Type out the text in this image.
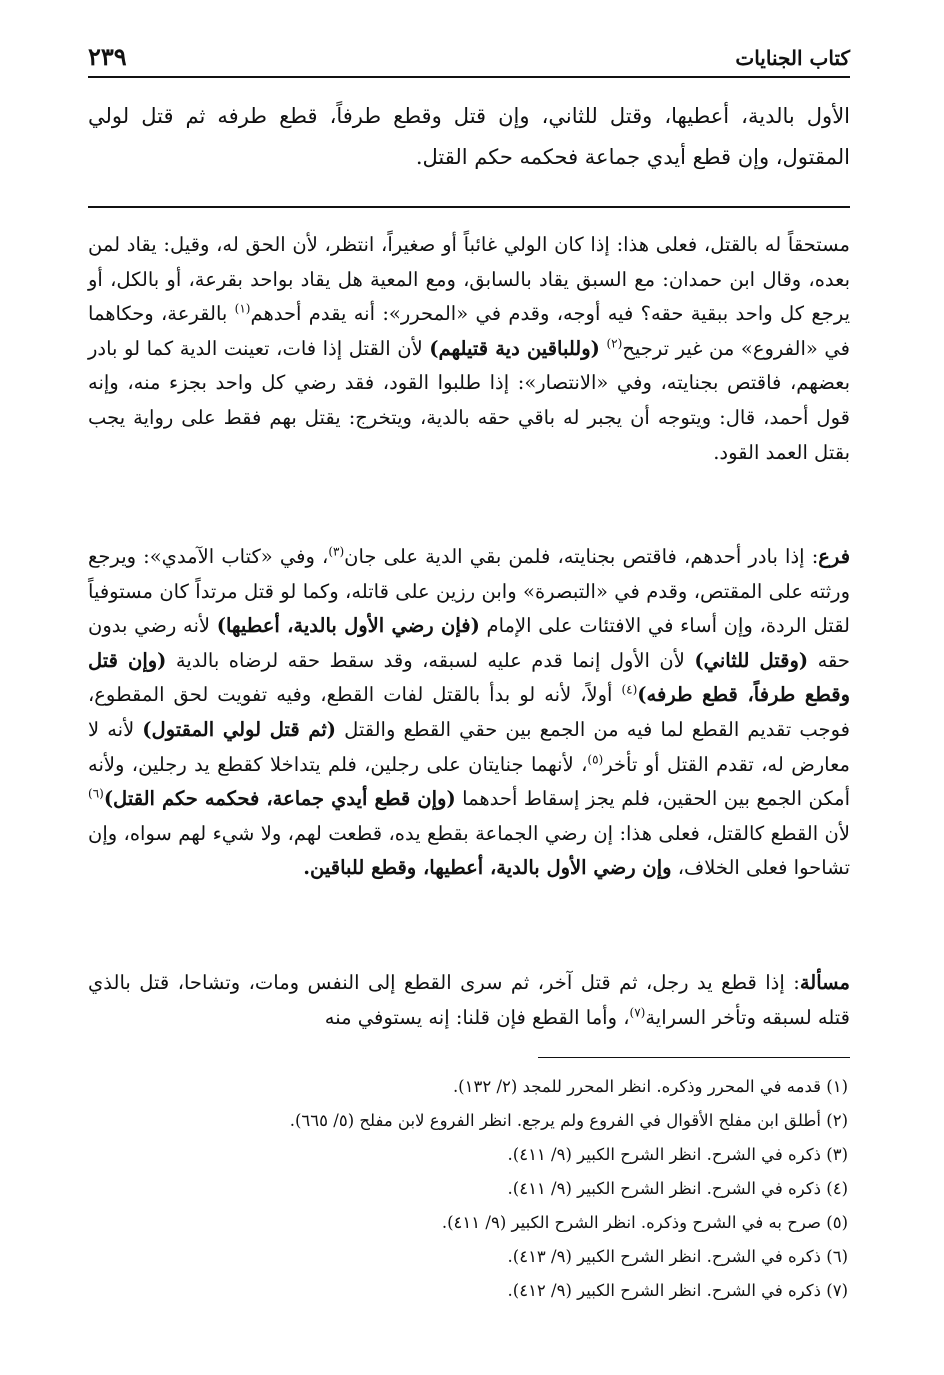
كتاب الجنايات
٢٣٩

الأول بالدية، أعطيها، وقتل للثاني، وإن قتل وقطع طرفاً، قطع طرفه ثم قتل لولي المقتول، وإن قطع أيدي جماعة فحكمه حكم القتل.

مستحقاً له بالقتل، فعلى هذا: إذا كان الولي غائباً أو صغيراً، انتظر، لأن الحق له، وقيل: يقاد لمن بعده، وقال ابن حمدان: مع السبق يقاد بالسابق، ومع المعية هل يقاد بواحد بقرعة، أو بالكل، أو يرجع كل واحد ببقية حقه؟ فيه أوجه، وقدم في «المحرر»: أنه يقدم أحدهم$^{(١)}$ بالقرعة، وحكاهما في «الفروع» من غير ترجيح$^{(٢)}$ (وللباقين دية قتيلهم) لأن القتل إذا فات، تعينت الدية كما لو بادر بعضهم، فاقتص بجنايته، وفي «الانتصار»: إذا طلبوا القود، فقد رضي كل واحد بجزء منه، وإنه قول أحمد، قال: ويتوجه أن يجبر له باقي حقه بالدية، ويتخرج: يقتل بهم فقط على رواية يجب بقتل العمد القود.

فرع: إذا بادر أحدهم، فاقتص بجنايته، فلمن بقي الدية على جان$^{(٣)}$، وفي «كتاب الآمدي»: ويرجع ورثته على المقتص، وقدم في «التبصرة» وابن رزين على قاتله، وكما لو قتل مرتداً كان مستوفياً لقتل الردة، وإن أساء في الافتئات على الإمام (فإن رضي الأول بالدية، أعطيها) لأنه رضي بدون حقه (وقتل للثاني) لأن الأول إنما قدم عليه لسبقه، وقد سقط حقه لرضاه بالدية (وإن قتل وقطع طرفاً، قطع طرفه)$^{(٤)}$ أولاً، لأنه لو بدأ بالقتل لفات القطع، وفيه تفويت لحق المقطوع، فوجب تقديم القطع لما فيه من الجمع بين حقي القطع والقتل (ثم قتل لولي المقتول) لأنه لا معارض له، تقدم القتل أو تأخر$^{(٥)}$، لأنهما جنايتان على رجلين، فلم يتداخلا كقطع يد رجلين، ولأنه أمكن الجمع بين الحقين، فلم يجز إسقاط أحدهما (وإن قطع أيدي جماعة، فحكمه حكم القتل)$^{(٦)}$ لأن القطع كالقتل، فعلى هذا: إن رضي الجماعة بقطع يده، قطعت لهم، ولا شيء لهم سواه، وإن تشاحوا فعلى الخلاف، وإن رضي الأول بالدية، أعطيها، وقطع للباقين.

مسألة: إذا قطع يد رجل، ثم قتل آخر، ثم سرى القطع إلى النفس ومات، وتشاحا، قتل بالذي قتله لسبقه وتأخر السراية$^{(٧)}$، وأما القطع فإن قلنا: إنه يستوفي منه

(١) قدمه في المحرر وذكره. انظر المحرر للمجد (٢/ ١٣٢).
(٢) أطلق ابن مفلح الأقوال في الفروع ولم يرجع. انظر الفروع لابن مفلح (٥/ ٦٦٥).
(٣) ذكره في الشرح. انظر الشرح الكبير (٩/ ٤١١).
(٤) ذكره في الشرح. انظر الشرح الكبير (٩/ ٤١١).
(٥) صرح به في الشرح وذكره. انظر الشرح الكبير (٩/ ٤١١).
(٦) ذكره في الشرح. انظر الشرح الكبير (٩/ ٤١٣).
(٧) ذكره في الشرح. انظر الشرح الكبير (٩/ ٤١٢).
